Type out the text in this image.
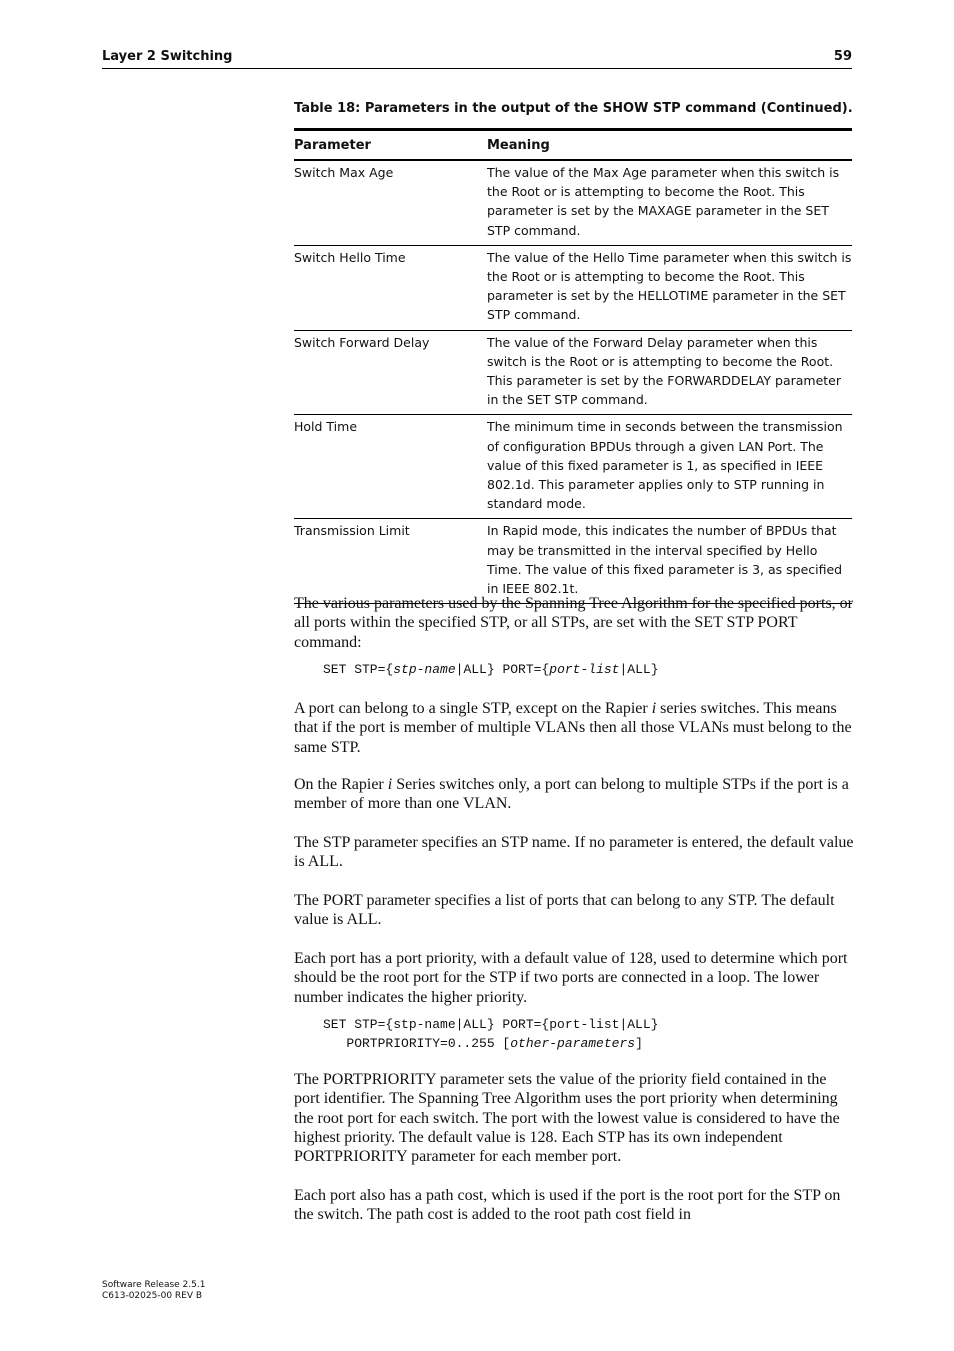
Layer 2 Switching	59
Table 18: Parameters in the output of the SHOW STP command (Continued).
Parameter	Meaning
Switch Max Age	The value of the Max Age parameter when this switch is the Root or is attempting to become the Root. This parameter is set by the MAXAGE parameter in the SET STP command.
Switch Hello Time	The value of the Hello Time parameter when this switch is the Root or is attempting to become the Root. This parameter is set by the HELLOTIME parameter in the SET STP command.
Switch Forward Delay	The value of the Forward Delay parameter when this switch is the Root or is attempting to become the Root. This parameter is set by the FORWARDDELAY parameter in the SET STP command.
Hold Time	The minimum time in seconds between the transmission of configuration BPDUs through a given LAN Port. The value of this fixed parameter is 1, as specified in IEEE 802.1d. This parameter applies only to STP running in standard mode.
Transmission Limit	In Rapid mode, this indicates the number of BPDUs that may be transmitted in the interval specified by Hello Time. The value of this fixed parameter is 3, as specified in IEEE 802.1t.
The various parameters used by the Spanning Tree Algorithm for the specified ports, or all ports within the specified STP, or all STPs, are set with the SET STP PORT command:
SET STP={stp-name|ALL} PORT={port-list|ALL}
A port can belong to a single STP, except on the Rapier i series switches. This means that if the port is member of multiple VLANs then all those VLANs must belong to the same STP.
On the Rapier i Series switches only, a port can belong to multiple STPs if the port is a member of more than one VLAN.
The STP parameter specifies an STP name. If no parameter is entered, the default value is ALL.
The PORT parameter specifies a list of ports that can belong to any STP. The default value is ALL.
Each port has a port priority, with a default value of 128, used to determine which port should be the root port for the STP if two ports are connected in a loop. The lower number indicates the higher priority.
SET STP={stp-name|ALL} PORT={port-list|ALL}
PORTPRIORITY=0..255 [other-parameters]
The PORTPRIORITY parameter sets the value of the priority field contained in the port identifier. The Spanning Tree Algorithm uses the port priority when determining the root port for each switch. The port with the lowest value is considered to have the highest priority. The default value is 128. Each STP has its own independent PORTPRIORITY parameter for each member port.
Each port also has a path cost, which is used if the port is the root port for the STP on the switch. The path cost is added to the root path cost field in
Software Release 2.5.1
C613-02025-00 REV B
